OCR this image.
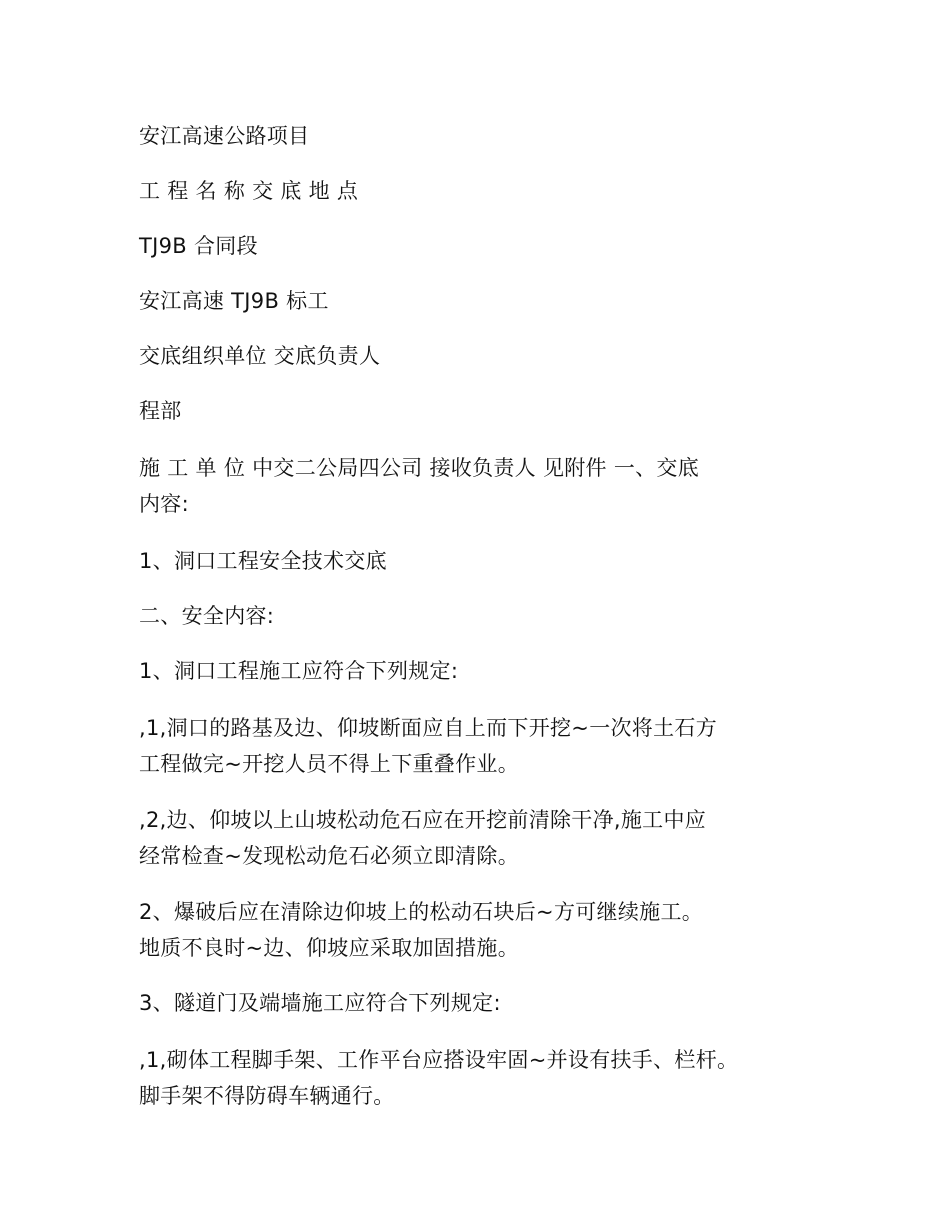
安江高速公路项目

工 程 名 称 交 底 地 点

TJ9B 合同段

安江高速 TJ9B 标工

交底组织单位 交底负责人

程部

施 工 单 位 中交二公局四公司 接收负责人 见附件 一、交底
内容:

1、洞口工程安全技术交底

二、安全内容:

1、洞口工程施工应符合下列规定:

,1,洞口的路基及边、仰坡断面应自上而下开挖~一次将土石方
工程做完~开挖人员不得上下重叠作业。

,2,边、仰坡以上山坡松动危石应在开挖前清除干净,施工中应
经常检查~发现松动危石必须立即清除。

2、爆破后应在清除边仰坡上的松动石块后~方可继续施工。
地质不良时~边、仰坡应采取加固措施。

3、隧道门及端墙施工应符合下列规定:

,1,砌体工程脚手架、工作平台应搭设牢固~并设有扶手、栏杆。
脚手架不得防碍车辆通行。
